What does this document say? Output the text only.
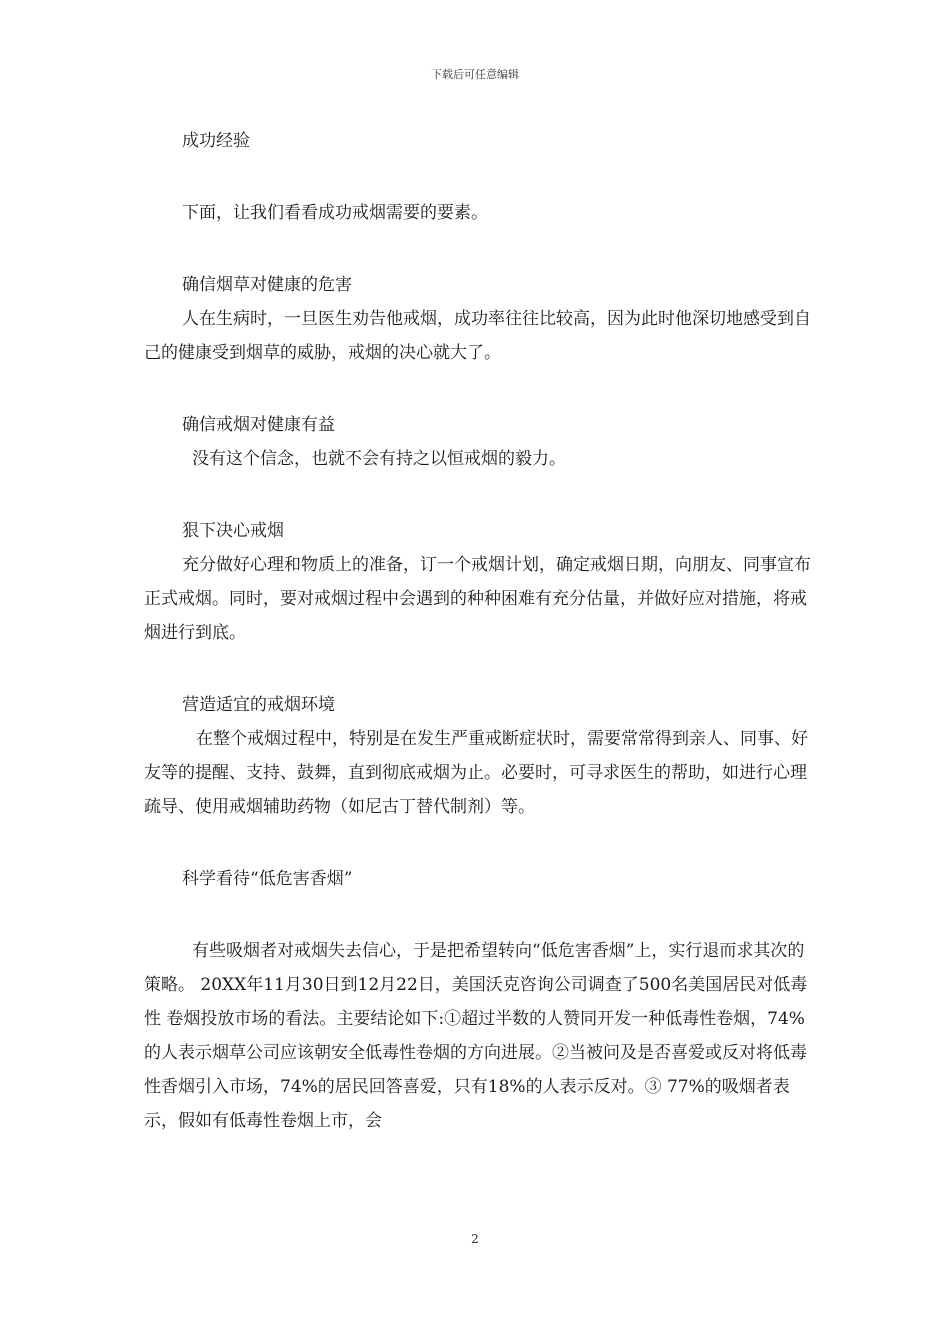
下载后可任意编辑

成功经验

下面，让我们看看成功戒烟需要的要素。

确信烟草对健康的危害

人在生病时，一旦医生劝告他戒烟，成功率往往比较高，因为此时他深切地感受到自己的健康受到烟草的威胁，戒烟的决心就大了。

确信戒烟对健康有益

没有这个信念，也就不会有持之以恒戒烟的毅力。

狠下决心戒烟

充分做好心理和物质上的准备，订一个戒烟计划，确定戒烟日期，向朋友、同事宣布正式戒烟。同时，要对戒烟过程中会遇到的种种困难有充分估量，并做好应对措施，将戒烟进行到底。

营造适宜的戒烟环境

在整个戒烟过程中，特别是在发生严重戒断症状时，需要常常得到亲人、同事、好友等的提醒、支持、鼓舞，直到彻底戒烟为止。必要时，可寻求医生的帮助，如进行心理疏导、使用戒烟辅助药物（如尼古丁替代制剂）等。

科学看待“低危害香烟”

有些吸烟者对戒烟失去信心，于是把希望转向“低危害香烟”上，实行退而求其次的策略。 20XX年11月30日到12月22日，美国沃克咨询公司调查了500名美国居民对低毒性 卷烟投放市场的看法。主要结论如下:①超过半数的人赞同开发一种低毒性卷烟，74%的人表示烟草公司应该朝安全低毒性卷烟的方向进展。②当被问及是否喜爱或反对将低毒性香烟引入市场，74%的居民回答喜爱，只有18%的人表示反对。③ 77%的吸烟者表示，假如有低毒性卷烟上市，会

2
